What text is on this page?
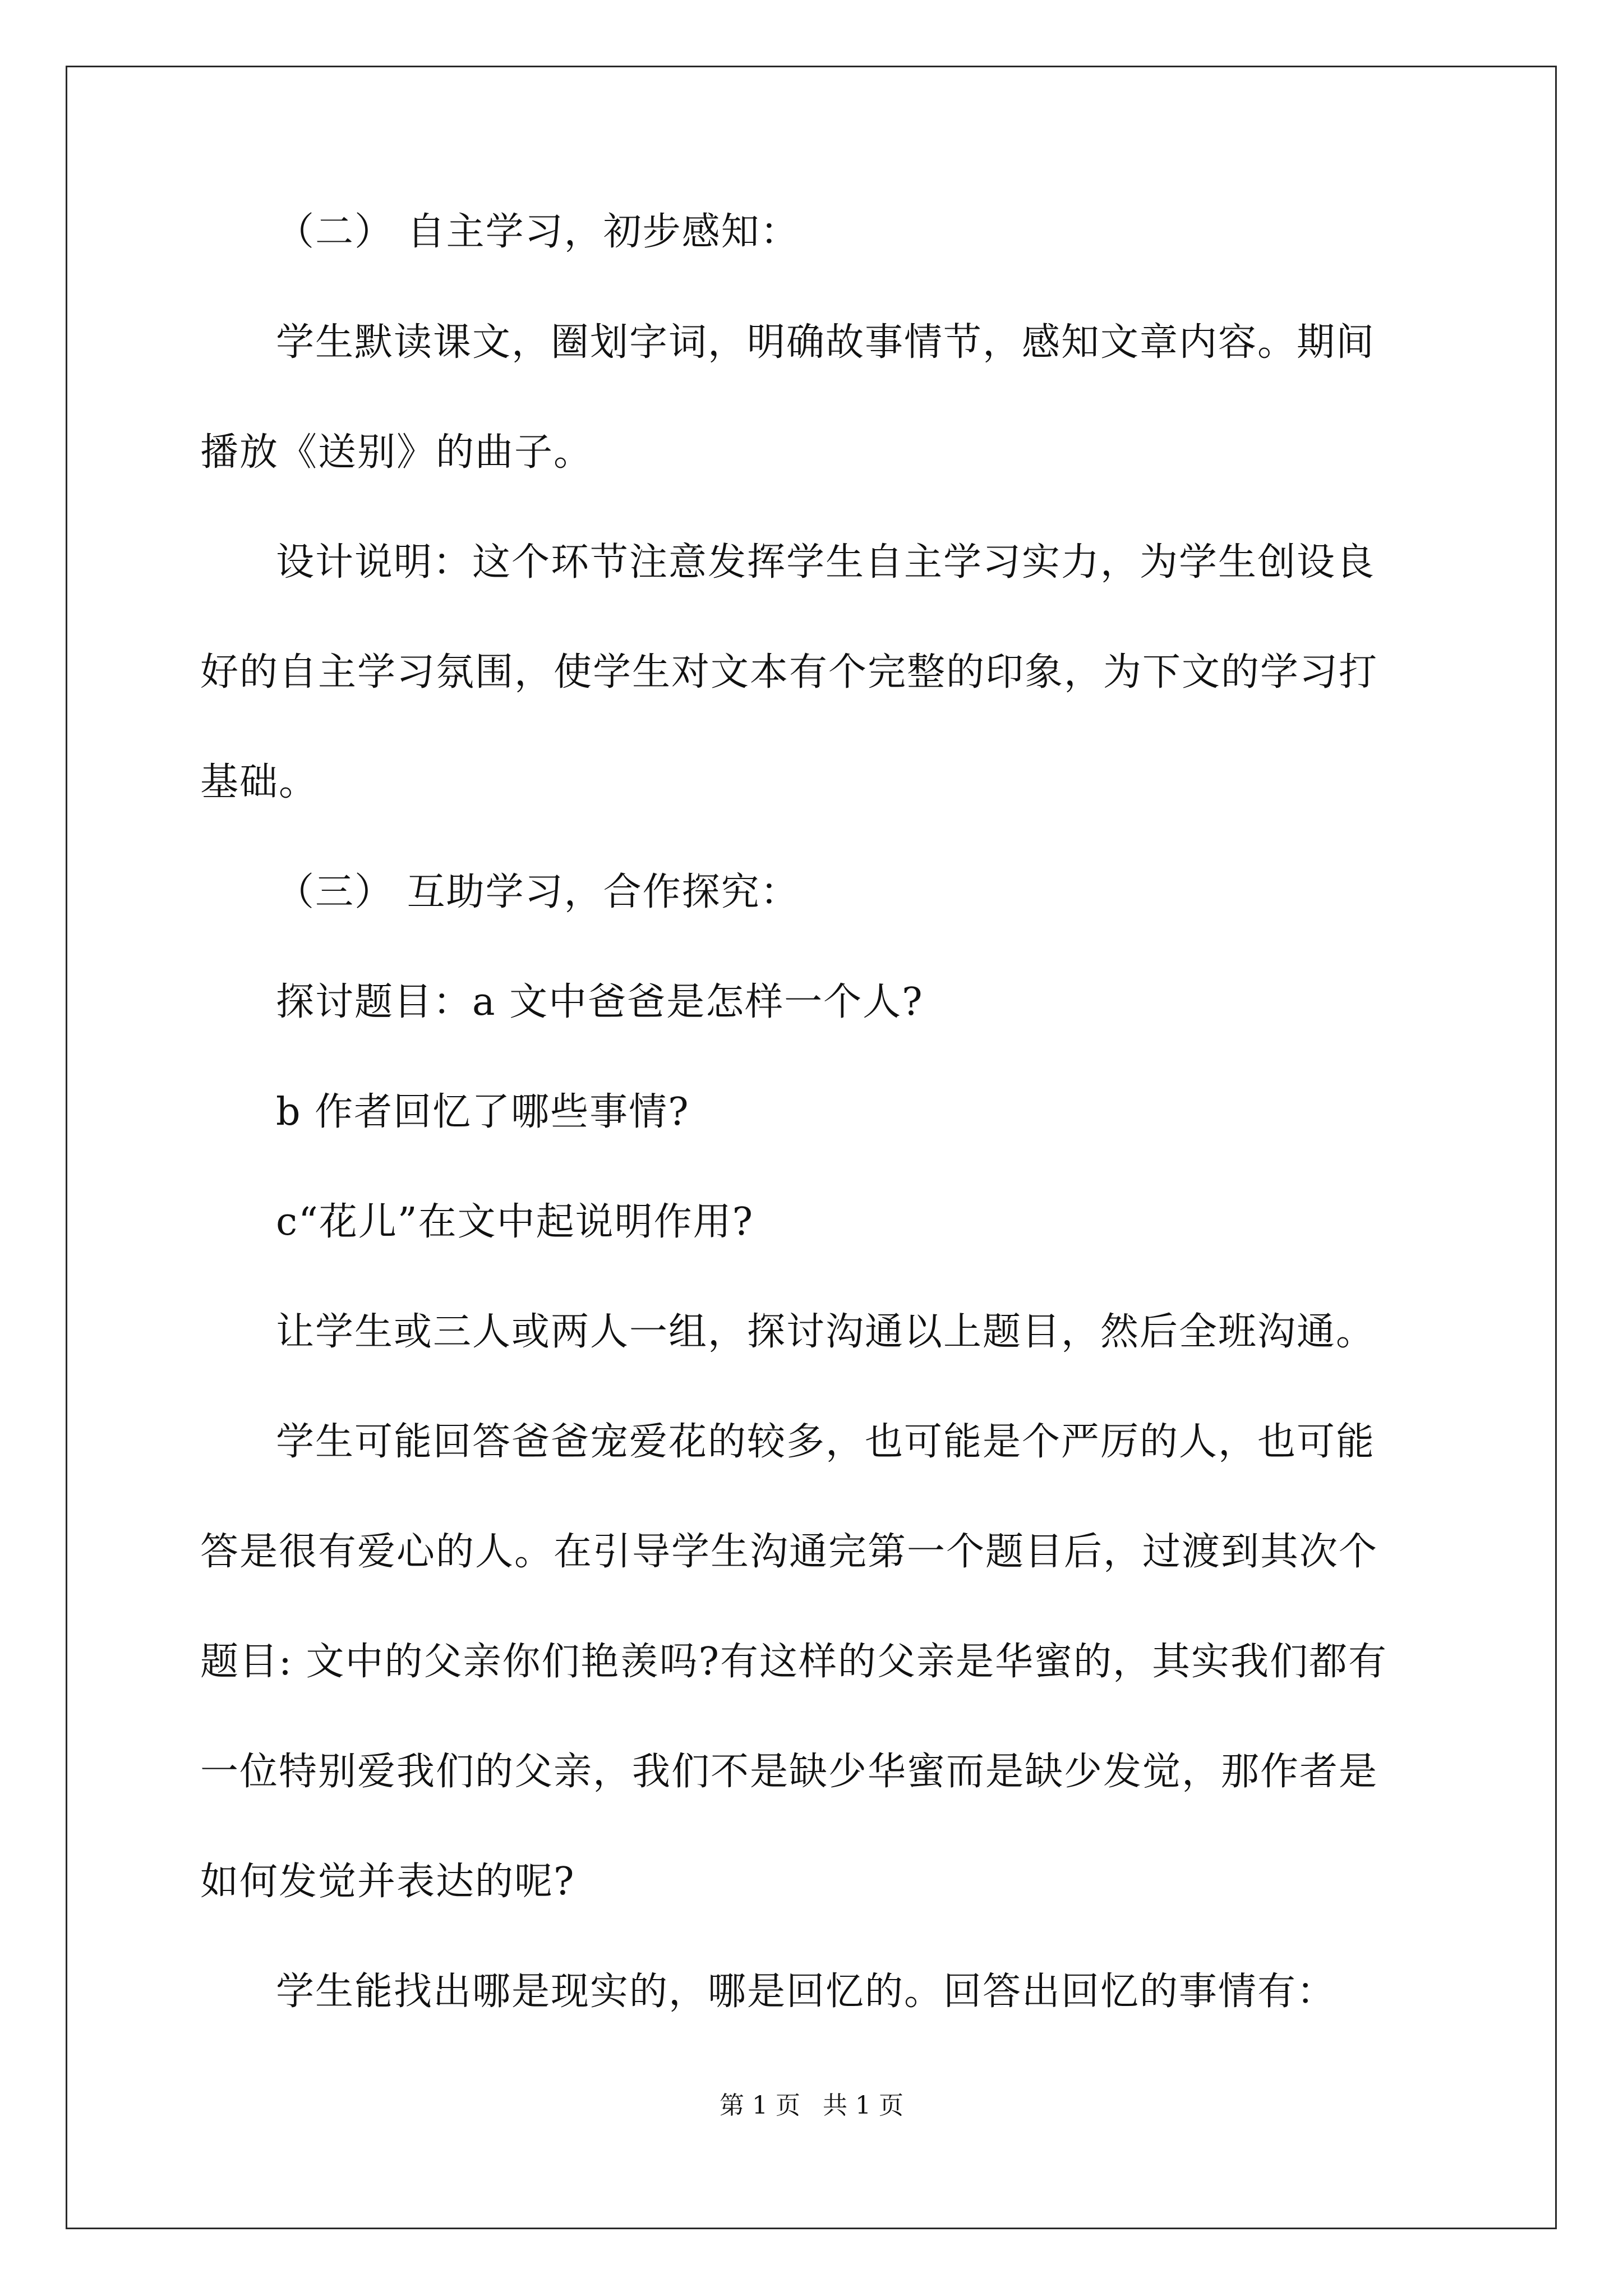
（二） 自主学习，初步感知：
学生默读课文，圈划字词，明确故事情节，感知文章内容。期间
播放《送别》的曲子。
设计说明：这个环节注意发挥学生自主学习实力，为学生创设良
好的自主学习氛围，使学生对文本有个完整的印象，为下文的学习打
基础。
（三） 互助学习，合作探究：
探讨题目：a 文中爸爸是怎样一个人?
b 作者回忆了哪些事情?
c“花儿”在文中起说明作用?
让学生或三人或两人一组，探讨沟通以上题目，然后全班沟通。
学生可能回答爸爸宠爱花的较多，也可能是个严厉的人，也可能
答是很有爱心的人。在引导学生沟通完第一个题目后，过渡到其次个
题目: 文中的父亲你们艳羡吗?有这样的父亲是华蜜的，其实我们都有
一位特别爱我们的父亲，我们不是缺少华蜜而是缺少发觉，那作者是
如何发觉并表达的呢?
学生能找出哪是现实的，哪是回忆的。回答出回忆的事情有：
第 1 页 共 1 页
